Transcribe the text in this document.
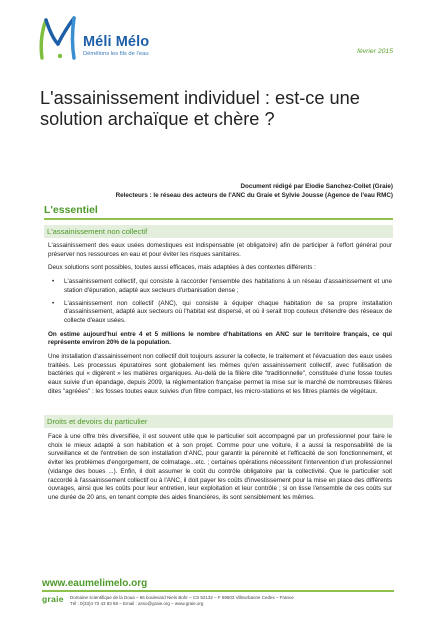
Méli Mélo
Démêlons les fils de l'eau	février 2015
L'assainissement individuel : est-ce une solution archaïque et chère ?
Document rédigé par Elodie Sanchez-Collet (Graie)
Relecteurs : le réseau des acteurs de l'ANC du Graie et Sylvie Jousse (Agence de l'eau RMC)
L'essentiel
L'assainissement non collectif

L'assainissement des eaux usées domestiques est indispensable (et obligatoire) afin de participer à l'effort général pour préserver nos ressources en eau et pour éviter les risques sanitaires.

Deux solutions sont possibles, toutes aussi efficaces, mais adaptées à des contextes différents :

• L'assainissement collectif, qui consiste à raccorder l'ensemble des habitations à un réseau d'assainissement et une station d'épuration, adapté aux secteurs d'urbanisation dense ;
• L'assainissement non collectif (ANC), qui consiste à équiper chaque habitation de sa propre installation d'assainissement, adapté aux secteurs où l'habitat est dispersé, et où il serait trop couteux d'étendre des réseaux de collecte d'eaux usées.

On estime aujourd'hui entre 4 et 5 millions le nombre d'habitations en ANC sur le territoire français, ce qui représente environ 20% de la population.

Une installation d'assainissement non collectif doit toujours assurer la collecte, le traitement et l'évacuation des eaux usées traitées. Les processus épuratoires sont globalement les mêmes qu'en assainissement collectif, avec l'utilisation de bactéries qui « digèrent » les matières organiques. Au-delà de la filière dite "traditionnelle", constituée d'une fosse toutes eaux suivie d'un épandage, depuis 2009, la réglementation française permet la mise sur le marché de nombreuses filières dites "agréées" : les fosses toutes eaux suivies d'un filtre compact, les micro-stations et les filtres plantés de végétaux.

Droits et devoirs du particulier

Face à une offre très diversifiée, il est souvent utile que le particulier soit accompagné par un professionnel pour faire le choix le mieux adapté à son habitation et à son projet. Comme pour une voiture, il a aussi la responsabilité de la surveillance et de l'entretien de son installation d'ANC, pour garantir la pérennité et l'efficacité de son fonctionnement, et éviter les problèmes d'engorgement, de colmatage...etc. ; certaines opérations nécessitent l'intervention d'un professionnel (vidange des boues ...). Enfin, il doit assumer le coût du contrôle obligatoire par la collectivité. Que le particulier soit raccordé à l'assainissement collectif ou à l'ANC, il doit payer les coûts d'investissement pour la mise en place des différents ouvrages, ainsi que les coûts pour leur entretien, leur exploitation et leur contrôle ; si on lisse l'ensemble de ces coûts sur une durée de 20 ans, en tenant compte des aides financières, ils sont sensiblement les mêmes.

www.eaumelimelo.org
graie Domaine scientifique de la Doua – 66 boulevard Niels Bohr – CS 52132 – F 69603 Villeurbanne Cedex – France
Tél : 0(33)4 72 43 83 68 – Email : asso@graie.org – www.graie.org
